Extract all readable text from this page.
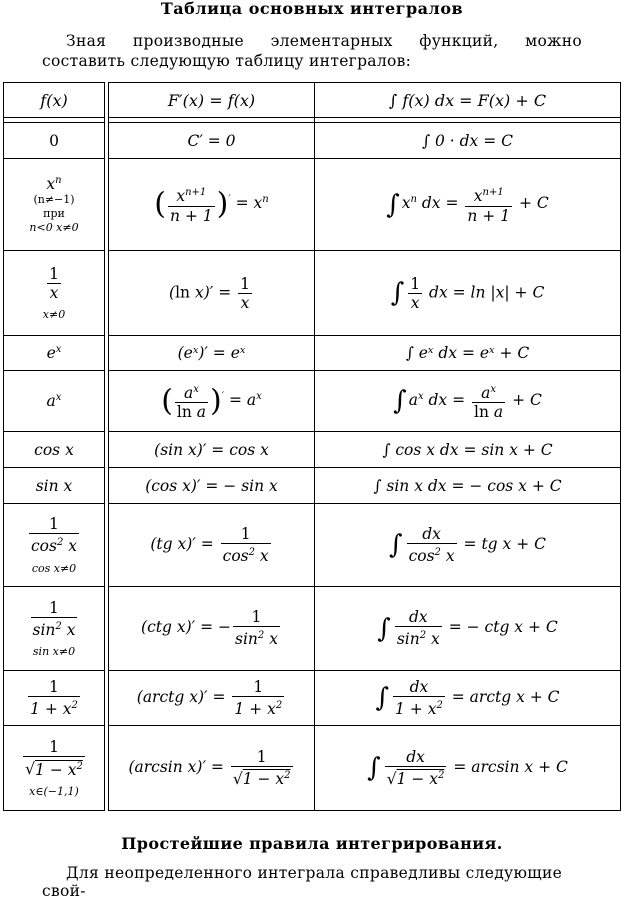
Таблица основных интегралов
Зная производные элементарных функций, можно составить следующую таблицу интегралов:
f(x)		F′(x) = f(x)	∫ f(x) dx = F(x) + C

0		C′ = 0	∫ 0 · dx = C
$x^n$
(n≠−1)
при
n<0 x≠0		( $\frac{x^{n+1}}{n + 1} )' = x^n$	∫ $x^n$ dx = $\frac{x^{n+1}}{n + 1} + C$

$\frac{1}{x}$
x≠0		(ln $x)' = \frac{1}{x}$	∫ $\frac{1}{x}$ dx = ln |x| + C
$e^x$		(eˣ)′ = eˣ	∫ eˣ dx = eˣ + C
$a^x$		( $\frac{a^x}{\text{ln a}} )' = a^x$	∫ $a^x$ dx = $\frac{a^x}{\text{ln a}} + C$
cos x		(sin x)′ = cos x	∫ cos x dx = sin x + C
sin x		(cos x)′ = − sin x	∫ sin x dx = − cos x + C

$\frac{1}{\cos^2 x}$
cos x≠0		(tg $x)' = \frac{1}{\cos^2 x}$	∫ $\frac{dx}{\cos^2 x}$ = tg x + C

$\frac{1}{\sin^2 x}$
sin x≠0		(ctg x)′ = − $\frac{1}{\sin^2 x}$	∫ $\frac{dx}{\sin^2 x}$ = − ctg x + C

$\frac{1}{1 + x^2}$		(arctg $x)' = \frac{1}{1 + x^2}$	∫ $\frac{dx}{1 + x^2}$ = arctg x + C

$\frac{1}{√1 - x^2}$
x∈(−1,1)		(arcsin $x)' = \frac{1}{√1 - x^2}$	∫ $\frac{dx}{√1 - x^2} = \arcsin x + C$
Простейшие правила интегрирования.
Для неопределенного интеграла справедливы следующие свой-
